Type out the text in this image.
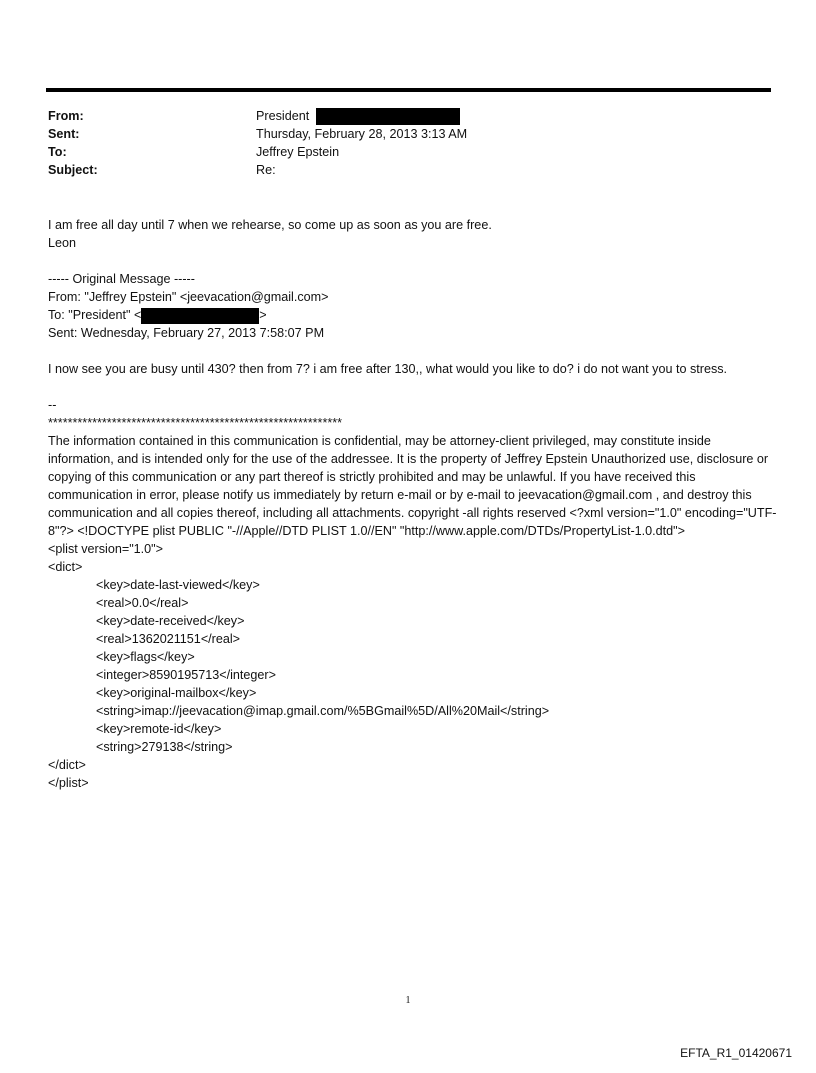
From:	President
Sent:	Thursday, February 28, 2013 3:13 AM
To:	Jeffrey Epstein
Subject:	Re:
I am free all day until 7 when we rehearse, so come up as soon as you are free.
Leon
----- Original Message -----
From: "Jeffrey Epstein" <jeevacation@gmail.com>
To: "President" <	>
Sent: Wednesday, February 27, 2013 7:58:07 PM
I now see you are busy until 430? then from 7? i am free after 130,, what would you like to do? i do not want you to stress.
--
************************************************************
The information contained in this communication is confidential, may be attorney-client privileged, may constitute inside information, and is intended only for the use of the addressee. It is the property of Jeffrey Epstein Unauthorized use, disclosure or copying of this communication or any part thereof is strictly prohibited and may be unlawful. If you have received this communication in error, please notify us immediately by return e-mail or by e-mail to jeevacation@gmail.com , and destroy this communication and all copies thereof, including all attachments. copyright -all rights reserved <?xml version="1.0" encoding="UTF-8"?> <!DOCTYPE plist PUBLIC "-//Apple//DTD PLIST 1.0//EN" "http://www.apple.com/DTDs/PropertyList-1.0.dtd">
<plist version="1.0">
<dict>
<key>date-last-viewed</key>
<real>0.0</real>
<key>date-received</key>
<real>1362021151</real>
<key>flags</key>
<integer>8590195713</integer>
<key>original-mailbox</key>
<string>imap://jeevacation@imap.gmail.com/%5BGmail%5D/All%20Mail</string>
<key>remote-id</key>
<string>279138</string>
</dict>
</plist>
1
EFTA_R1_01420671
